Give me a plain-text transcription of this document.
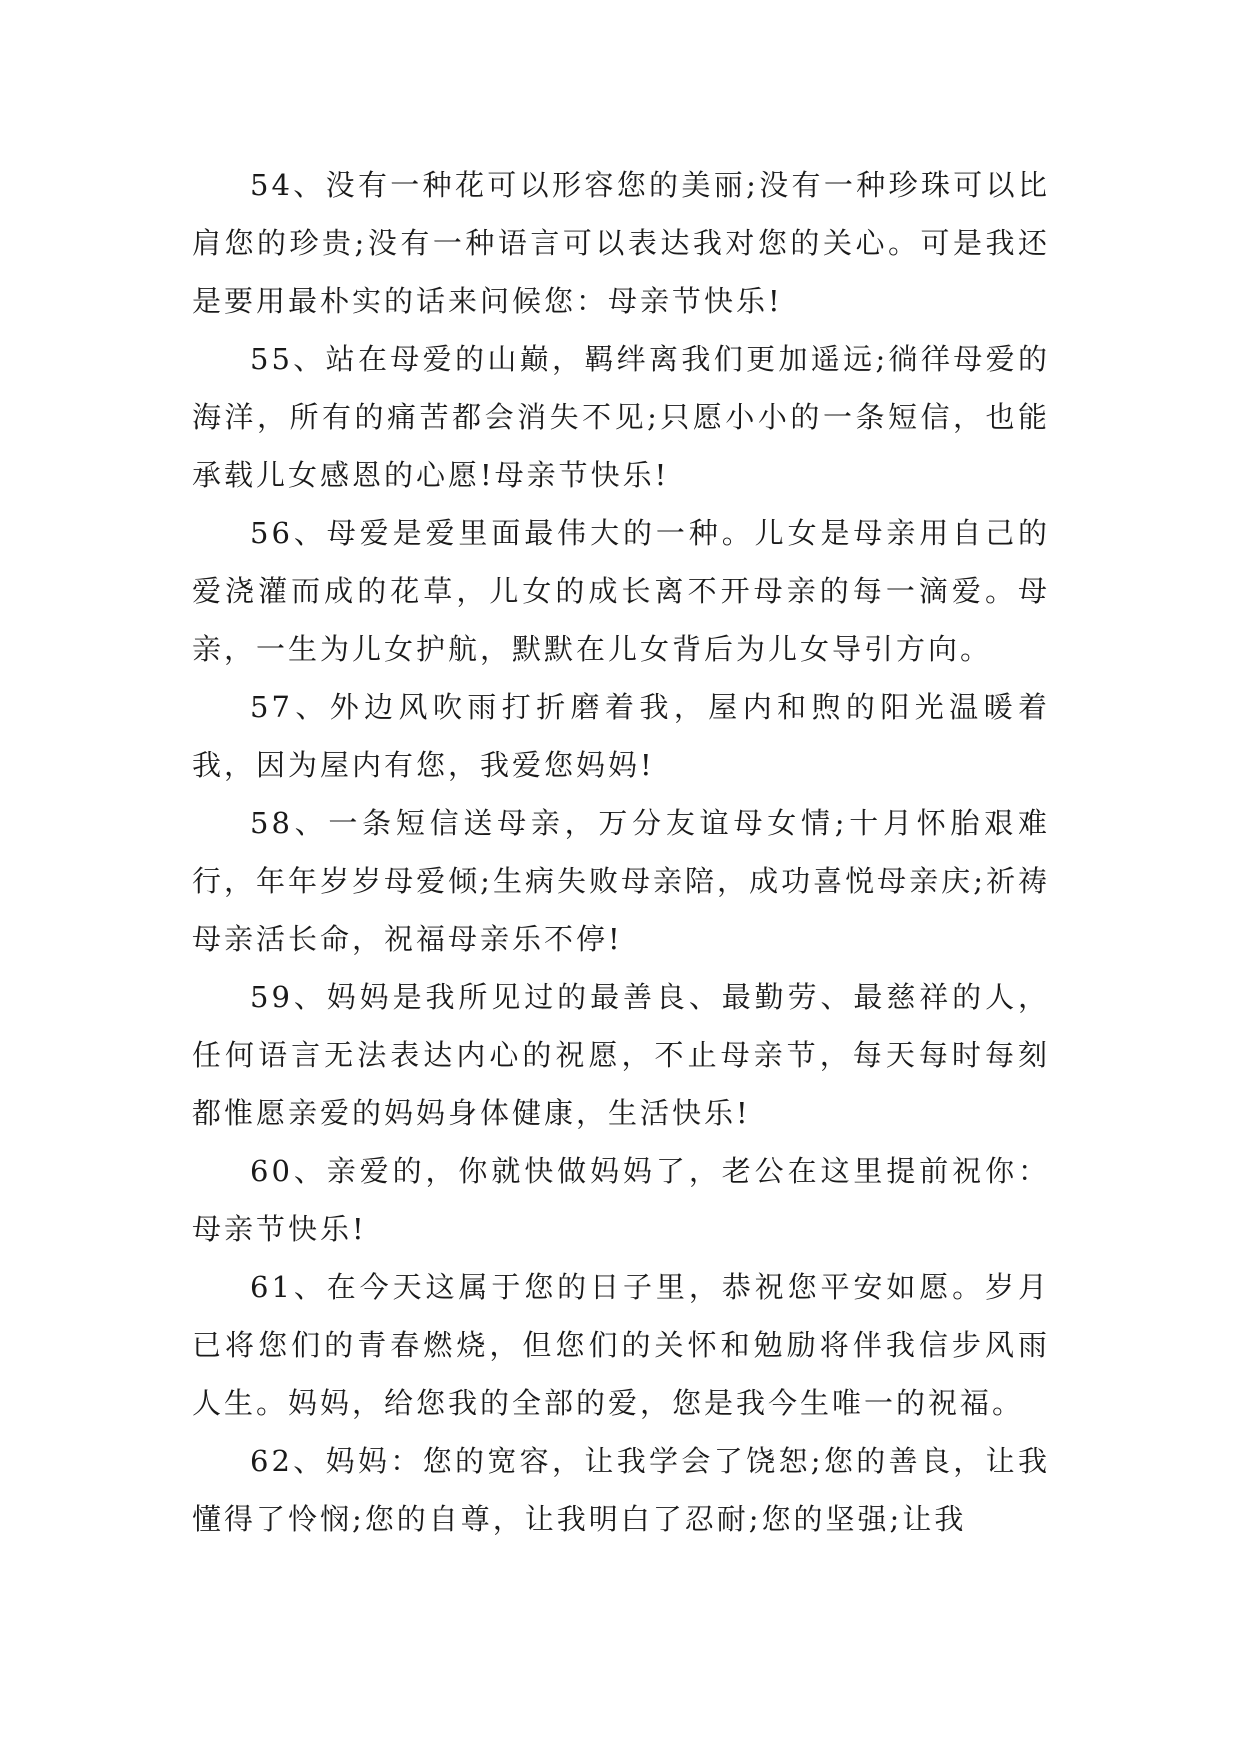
54、没有一种花可以形容您的美丽;没有一种珍珠可以比肩您的珍贵;没有一种语言可以表达我对您的关心。可是我还是要用最朴实的话来问候您：母亲节快乐!

55、站在母爱的山巅，羁绊离我们更加遥远;徜徉母爱的海洋，所有的痛苦都会消失不见;只愿小小的一条短信，也能承载儿女感恩的心愿!母亲节快乐!

56、母爱是爱里面最伟大的一种。儿女是母亲用自己的爱浇灌而成的花草，儿女的成长离不开母亲的每一滴爱。母亲，一生为儿女护航，默默在儿女背后为儿女导引方向。

57、外边风吹雨打折磨着我，屋内和煦的阳光温暖着我，因为屋内有您，我爱您妈妈!

58、一条短信送母亲，万分友谊母女情;十月怀胎艰难行，年年岁岁母爱倾;生病失败母亲陪，成功喜悦母亲庆;祈祷母亲活长命，祝福母亲乐不停!

59、妈妈是我所见过的最善良、最勤劳、最慈祥的人，任何语言无法表达内心的祝愿，不止母亲节，每天每时每刻都惟愿亲爱的妈妈身体健康，生活快乐!

60、亲爱的，你就快做妈妈了，老公在这里提前祝你：母亲节快乐!

61、在今天这属于您的日子里，恭祝您平安如愿。岁月已将您们的青春燃烧，但您们的关怀和勉励将伴我信步风雨人生。妈妈，给您我的全部的爱，您是我今生唯一的祝福。

62、妈妈：您的宽容，让我学会了饶恕;您的善良，让我懂得了怜悯;您的自尊，让我明白了忍耐;您的坚强;让我
